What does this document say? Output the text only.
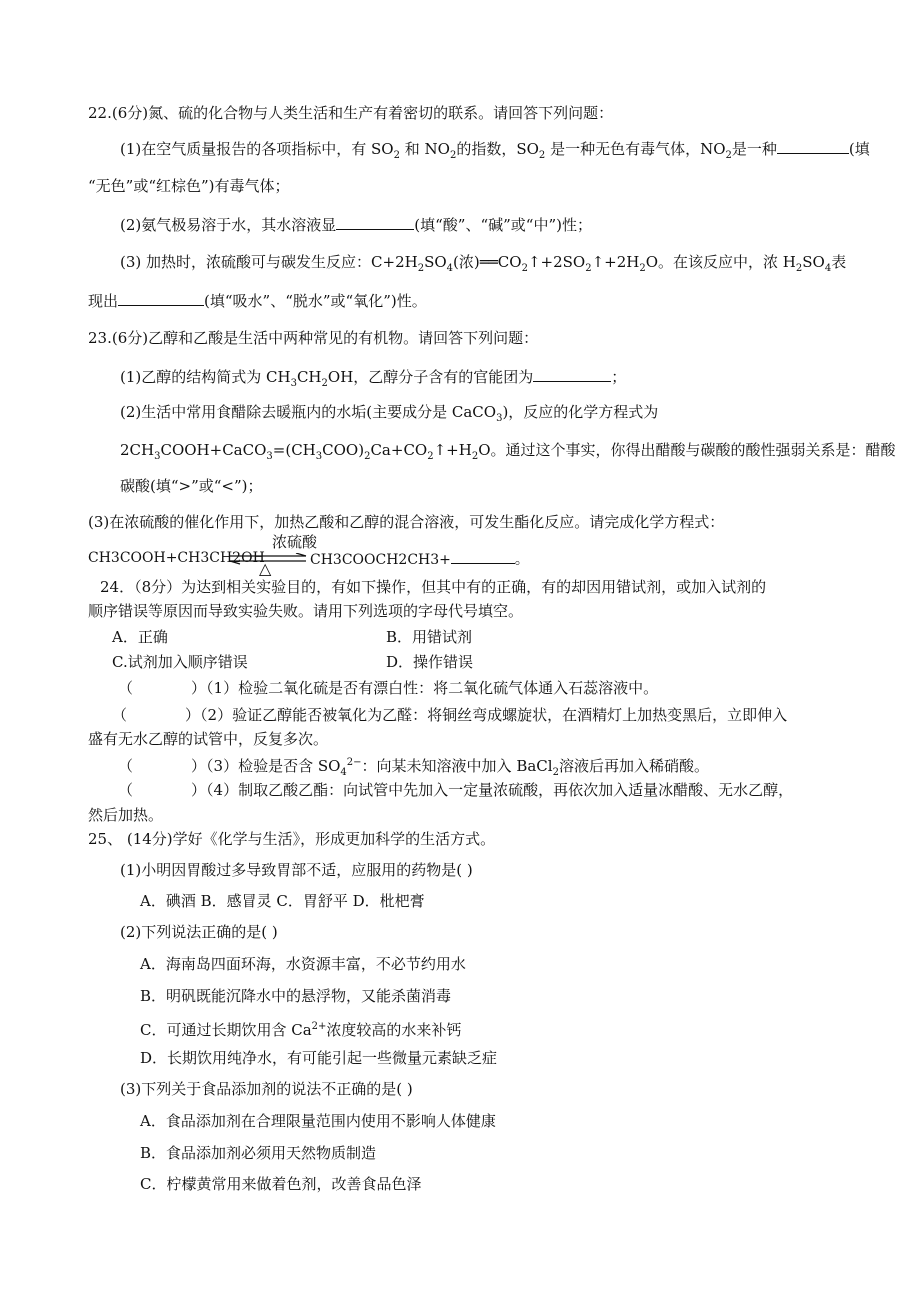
22.(6分)氮、硫的化合物与人类生活和生产有着密切的联系。请回答下列问题：
(1)在空气质量报告的各项指标中，有 $SO_2$ 和 $NO_2$的指数，$SO_2$ 是一种无色有毒气体，$NO_2$是一种	(填
“无色”或“红棕色”)有毒气体；
(2)氨气极易溶于水，其水溶液显	(填“酸”、“碱”或“中”)性；
(3) 加热时，浓硫酸可与碳发生反应：$C+2H_2SO_4$(浓)$══CO_2↑+2SO_2↑+2H_2O$。在该反应中，浓 $H_2SO_4$表
现出	(填“吸水”、“脱水”或“氧化”)性。
23.(6分)乙醇和乙酸是生活中两种常见的有机物。请回答下列问题：
(1)乙醇的结构简式为 $CH_3CH_2OH$，乙醇分子含有的官能团为	；
(2)生活中常用食醋除去暖瓶内的水垢(主要成分是 CaCO$_3$)，反应的化学方程式为
$2CH_3COOH+CaCO_3=(CH_3COO)_2Ca+CO_2↑+H_2O$。通过这个事实，你得出醋酸与碳酸的酸性强弱关系是：醋酸
碳酸(填“>”或“<”)；
(3)在浓硫酸的催化作用下，加热乙酸和乙醇的混合溶液，可发生酯化反应。请完成化学方程式：
CH3COOH+CH3CH2OH
浓硫酸
△	CH3COOCH2CH3+	。
24．（8分）为达到相关实验目的，有如下操作，但其中有的正确，有的却因用错试剂，或加入试剂的
顺序错误等原因而导致实验失败。请用下列选项的字母代号填空。
A．正确	B．用错试剂
C.试剂加入顺序错误	D．操作错误
（	）（1）检验二氧化硫是否有漂白性：将二氧化硫气体通入石蕊溶液中。
（	）（2）验证乙醇能否被氧化为乙醛：将铜丝弯成螺旋状，在酒精灯上加热变黑后，立即伸入
盛有无水乙醇的试管中，反复多次。
（	）（3）检验是否含 $SO_4^{2-}$：向某未知溶液中加入 BaCl$_2$溶液后再加入稀硝酸。
（	）（4）制取乙酸乙酯：向试管中先加入一定量浓硫酸，再依次加入适量冰醋酸、无水乙醇，
然后加热。
25、 (14分)学好《化学与生活》，形成更加科学的生活方式。
(1)小明因胃酸过多导致胃部不适，应服用的药物是( )
A．碘酒 B．感冒灵 C．胃舒平 D．枇杷膏
(2)下列说法正确的是( )
A．海南岛四面环海，水资源丰富，不必节约用水
B．明矾既能沉降水中的悬浮物，又能杀菌消毒
C．可通过长期饮用含 $Ca^{2+}$浓度较高的水来补钙
D．长期饮用纯净水，有可能引起一些微量元素缺乏症
(3)下列关于食品添加剂的说法不正确的是( )
A．食品添加剂在合理限量范围内使用不影响人体健康
B．食品添加剂必须用天然物质制造
C．柠檬黄常用来做着色剂，改善食品色泽
